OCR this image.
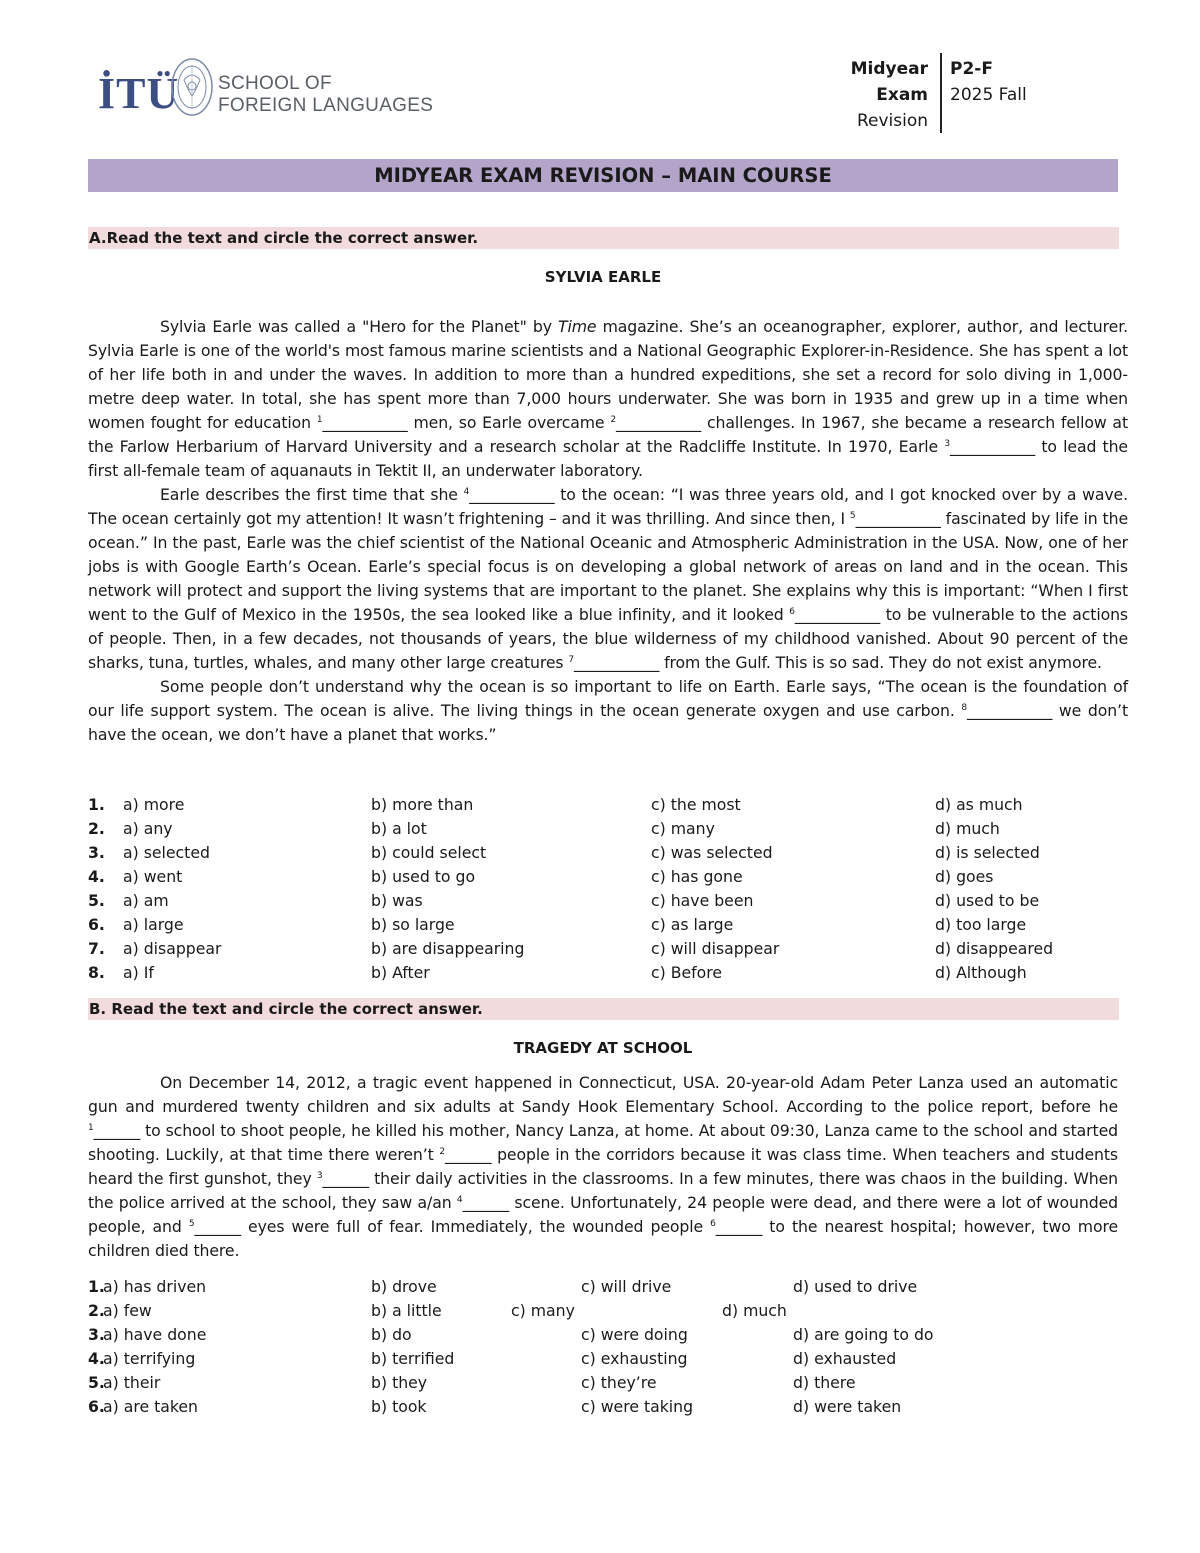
İTÜ SCHOOL OF
FOREIGN LANGUAGES
Midyear
Exam
Revision
P2-F
2025 Fall
MIDYEAR EXAM REVISION – MAIN COURSE
A.Read the text and circle the correct answer.
SYLVIA EARLE

Sylvia Earle was called a "Hero for the Planet" by Time magazine. She’s an oceanographer, explorer, author, and lecturer. Sylvia Earle is one of the world's most famous marine scientists and a National Geographic Explorer-in-Residence. She has spent a lot of her life both in and under the waves. In addition to more than a hundred expeditions, she set a record for solo diving in 1,000-metre deep water. In total, she has spent more than 7,000 hours underwater. She was born in 1935 and grew up in a time when women fought for education $^1$___________ men, so Earle overcame $^2$___________ challenges. In 1967, she became a research fellow at the Farlow Herbarium of Harvard University and a research scholar at the Radcliffe Institute. In 1970, Earle $^3$___________ to lead the first all-female team of aquanauts in Tektit II, an underwater laboratory.

Earle describes the first time that she $^4$___________ to the ocean: “I was three years old, and I got knocked over by a wave. The ocean certainly got my attention! It wasn’t frightening – and it was thrilling. And since then, I $^5$___________ fascinated by life in the ocean.” In the past, Earle was the chief scientist of the National Oceanic and Atmospheric Administration in the USA. Now, one of her jobs is with Google Earth’s Ocean. Earle’s special focus is on developing a global network of areas on land and in the ocean. This network will protect and support the living systems that are important to the planet. She explains why this is important: “When I first went to the Gulf of Mexico in the 1950s, the sea looked like a blue infinity, and it looked $^6$___________ to be vulnerable to the actions of people. Then, in a few decades, not thousands of years, the blue wilderness of my childhood vanished. About 90 percent of the sharks, tuna, turtles, whales, and many other large creatures $^7$___________ from the Gulf. This is so sad. They do not exist anymore.

Some people don’t understand why the ocean is so important to life on Earth. Earle says, “The ocean is the foundation of our life support system. The ocean is alive. The living things in the ocean generate oxygen and use carbon. $^8$___________ we don’t have the ocean, we don’t have a planet that works.”

1. a) more	b) more than	c) the most	d) as much
2. a) any	b) a lot	c) many	d) much
3. a) selected	b) could select	c) was selected	d) is selected
4. a) went	b) used to go	c) has gone	d) goes
5. a) am	b) was	c) have been	d) used to be
6. a) large	b) so large	c) as large	d) too large
7. a) disappear	b) are disappearing	c) will disappear	d) disappeared
8. a) If	b) After	c) Before	d) Although
B. Read the text and circle the correct answer.
TRAGEDY AT SCHOOL

On December 14, 2012, a tragic event happened in Connecticut, USA. 20-year-old Adam Peter Lanza used an automatic gun and murdered twenty children and six adults at Sandy Hook Elementary School. According to the police report, before he $^1$______ to school to shoot people, he killed his mother, Nancy Lanza, at home. At about 09:30, Lanza came to the school and started shooting. Luckily, at that time there weren’t $^2$______ people in the corridors because it was class time. When teachers and students heard the first gunshot, they $^3$______ their daily activities in the classrooms. In a few minutes, there was chaos in the building. When the police arrived at the school, they saw a/an $^4$______ scene. Unfortunately, 24 people were dead, and there were a lot of wounded people, and $^5$______ eyes were full of fear. Immediately, the wounded people $^6$______ to the nearest hospital; however, two more children died there.

1.
a) has driven	b) drove	c) will drive	d) used to drive
2.
a) few	b) a little	c) many	d) much
3.
a) have done	b) do	c) were doing	d) are going to do
4.
a) terrifying	b) terrified	c) exhausting	d) exhausted
5.
a) their	b) they	c) they’re	d) there
6.
a) are taken	b) took	c) were taking	d) were taken
